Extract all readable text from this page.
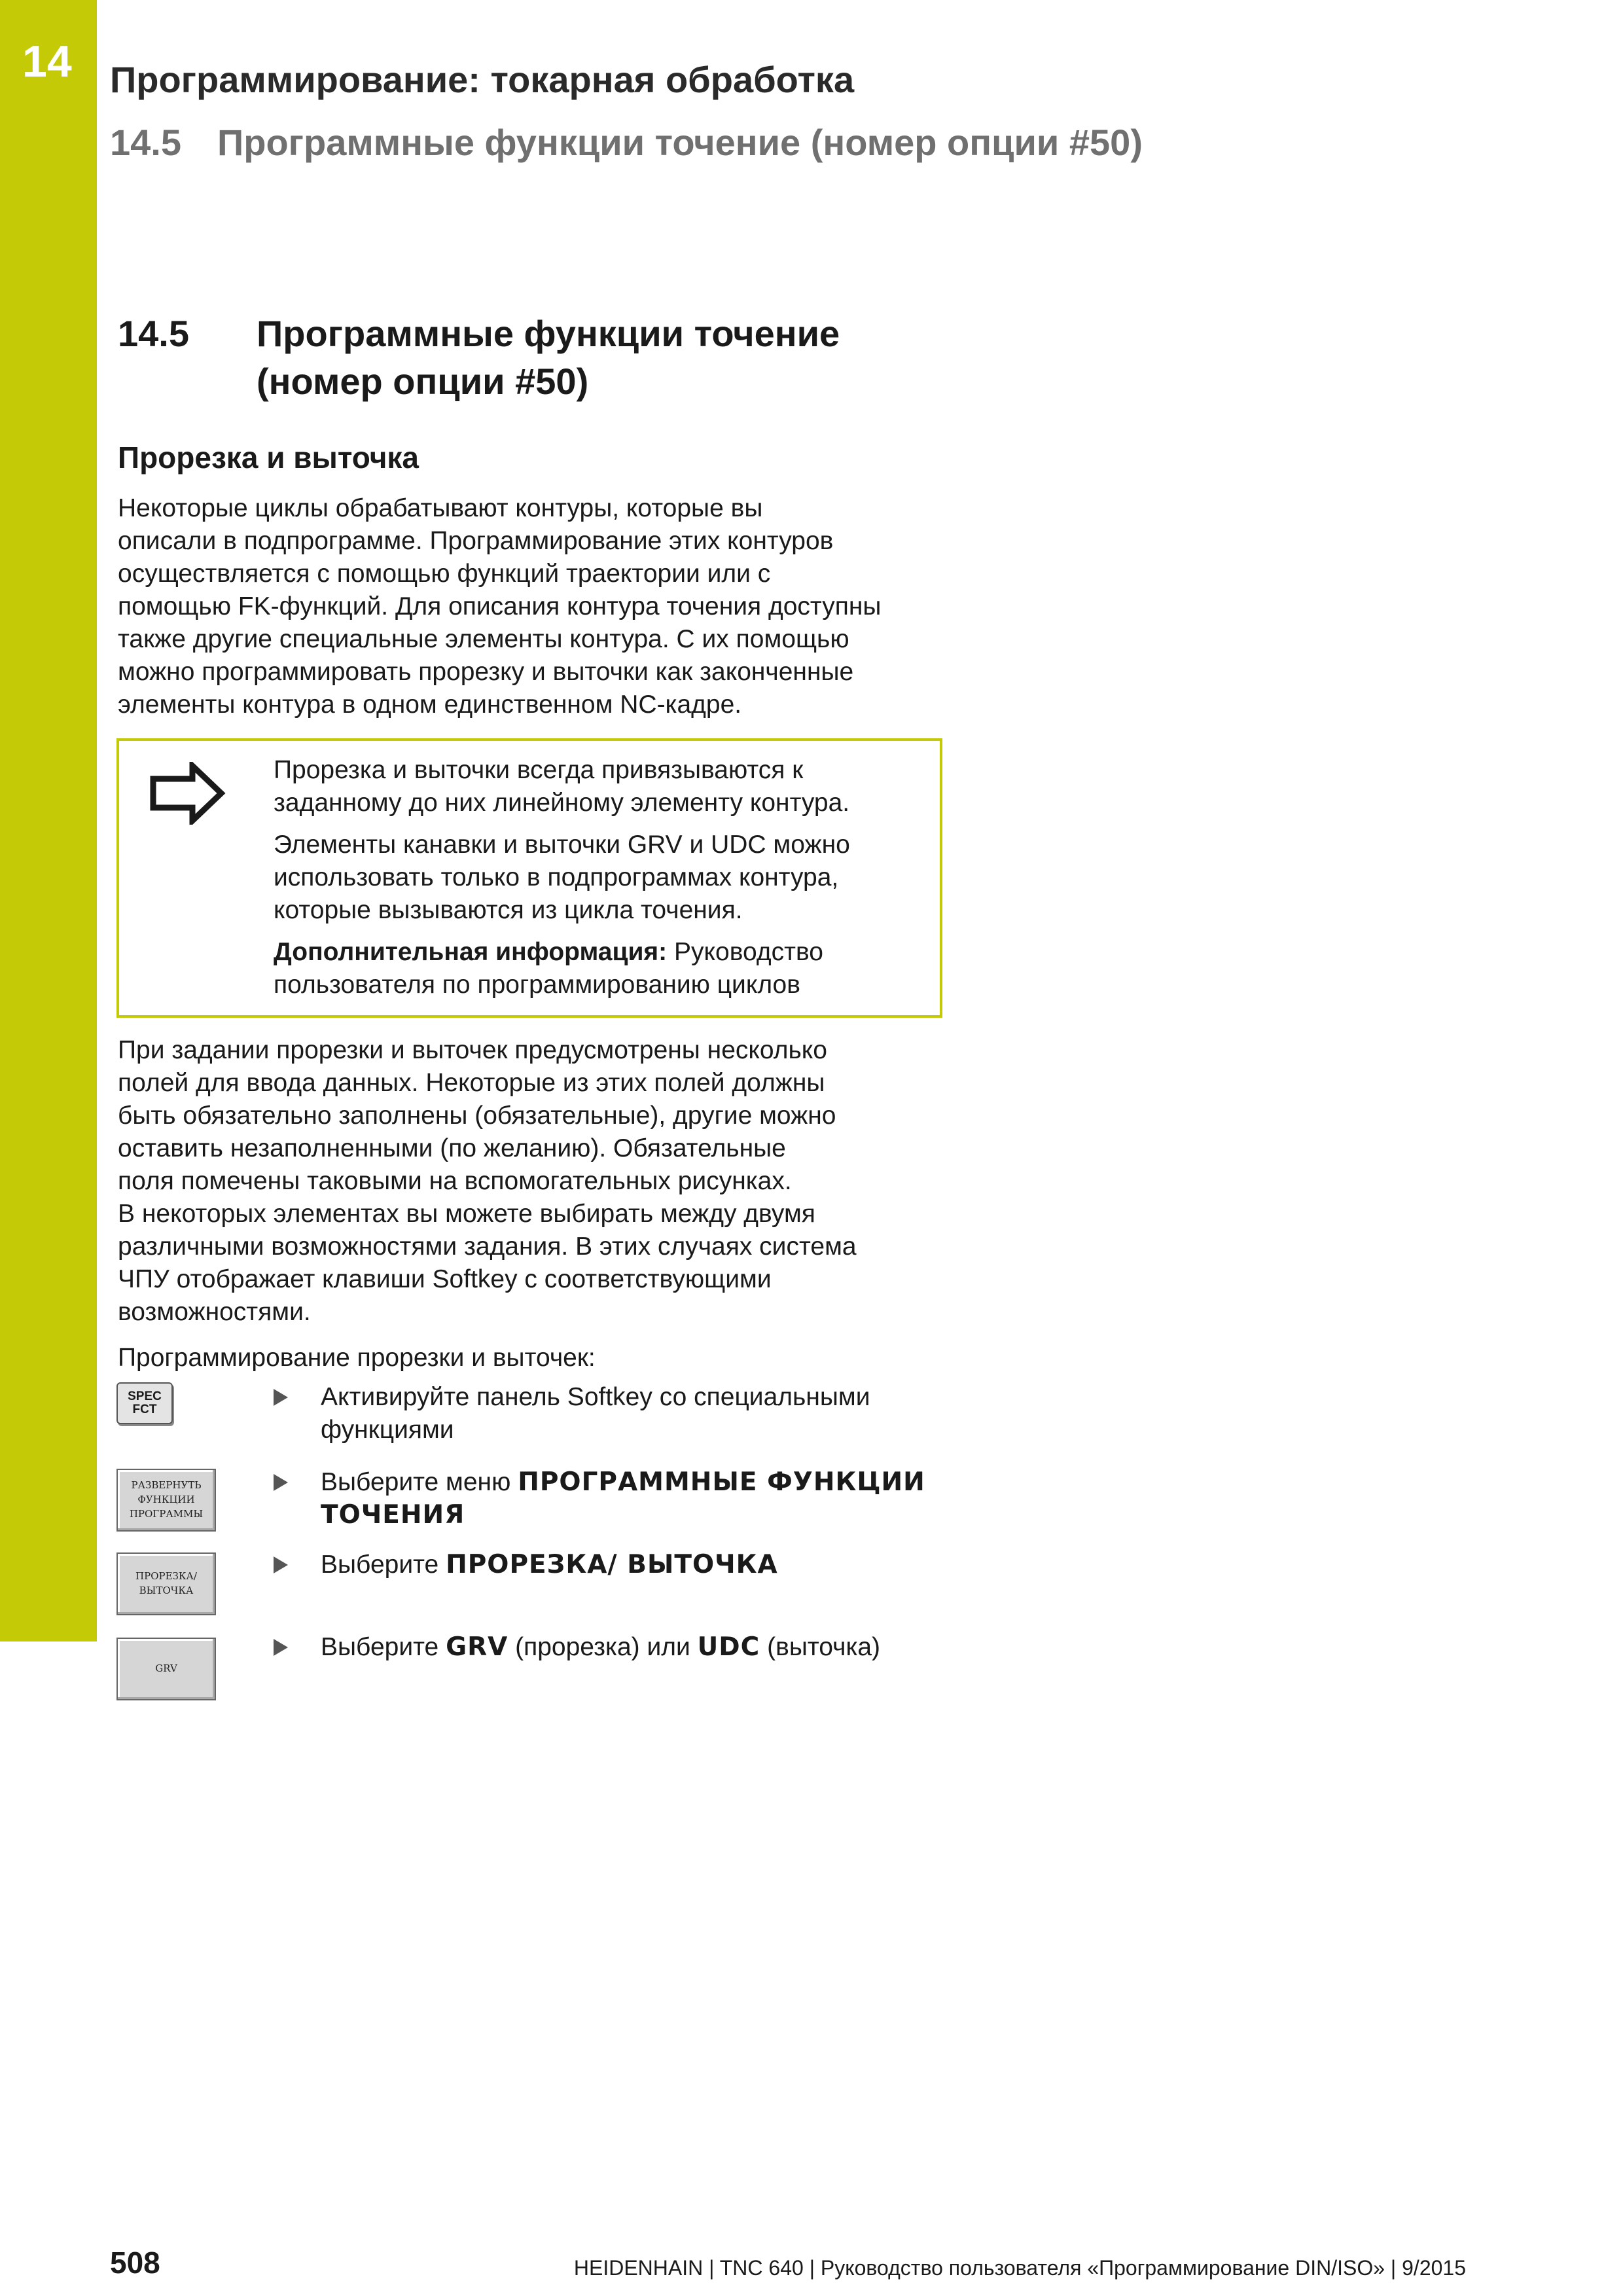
14 Программирование: токарная обработка
14.5 Программные функции точение (номер опции #50)
14.5 Программные функции точение
(номер опции #50)
Прорезка и выточка
Некоторые циклы обрабатывают контуры, которые вы
описали в подпрограмме. Программирование этих контуров
осуществляется с помощью функций траектории или с
помощью FK-функций. Для описания контура точения доступны
также другие специальные элементы контура. С их помощью
можно программировать прорезку и выточки как законченные
элементы контура в одном единственном NC-кадре.
Прорезка и выточки всегда привязываются к
заданному до них линейному элементу контура.
Элементы канавки и выточки GRV и UDC можно
использовать только в подпрограммах контура,
которые вызываются из цикла точения.
Дополнительная информация: Руководство
пользователя по программированию циклов
При задании прорезки и выточек предусмотрены несколько
полей для ввода данных. Некоторые из этих полей должны
быть обязательно заполнены (обязательные), другие можно
оставить незаполненными (по желанию). Обязательные
поля помечены таковыми на вспомогательных рисунках.
В некоторых элементах вы можете выбирать между двумя
различными возможностями задания. В этих случаях система
ЧПУ отображает клавиши Softkey с соответствующими
возможностями.
Программирование прорезки и выточек:
SPEC
FCT
РАЗВЕРНУТЬ
ФУНКЦИИ
ПРОГРАММЫ
ПРОРЕЗКА/
ВЫТОЧКА
GRV
Активируйте панель Softkey со специальными
функциями
Выберите меню ПРОГРАММНЫЕ ФУНКЦИИ
ТОЧЕНИЯ
Выберите ПРОРЕЗКА/ ВЫТОЧКА
Выберите GRV (прорезка) или UDC (выточка)
508	HEIDENHAIN | TNC 640 | Руководство пользователя «Программирование DIN/ISO» | 9/2015
